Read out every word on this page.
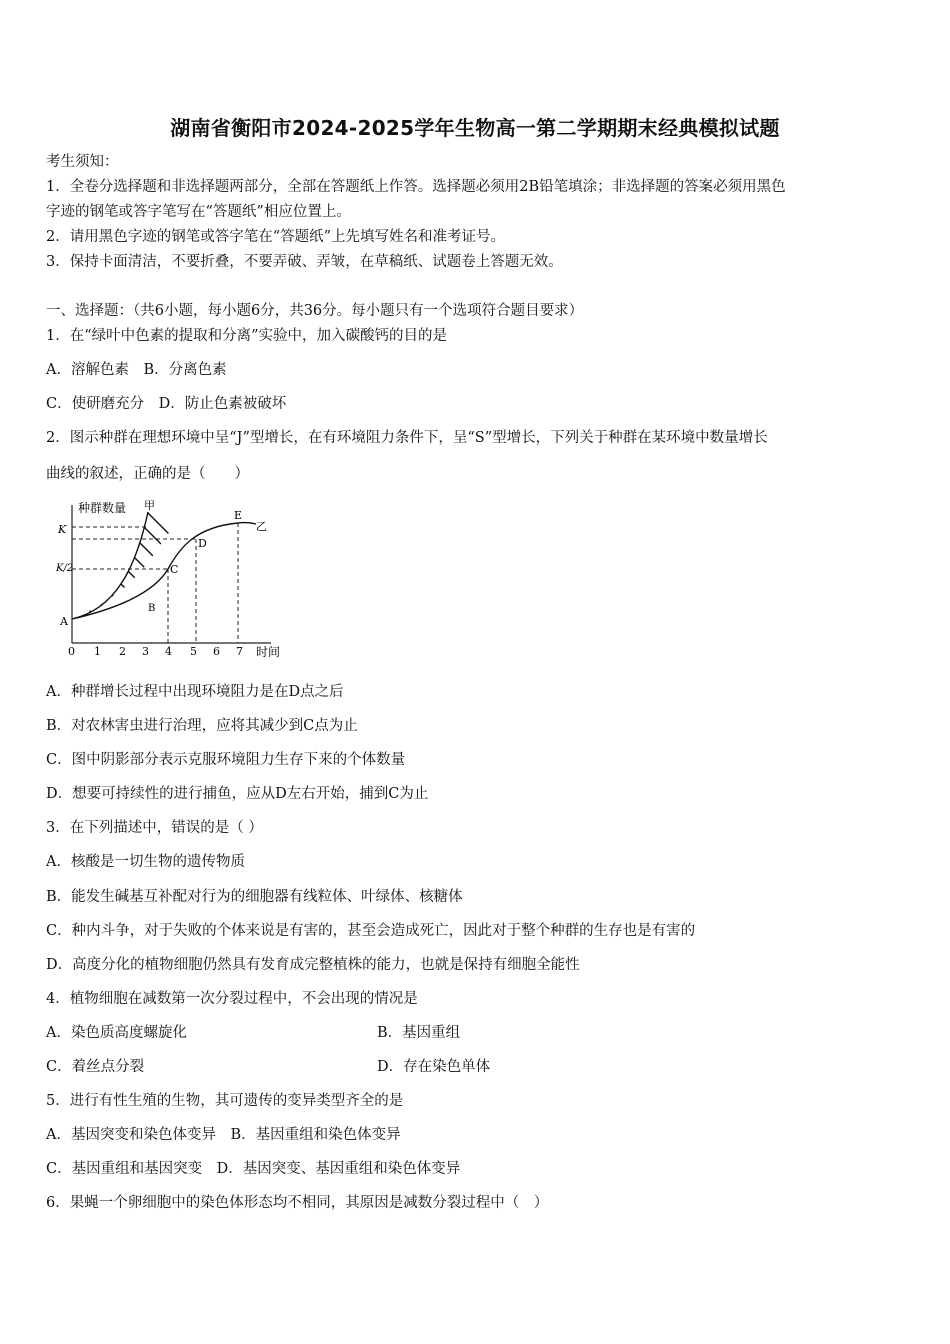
湖南省衡阳市2024-2025学年生物高一第二学期期末经典模拟试题
考生须知：
1．全卷分选择题和非选择题两部分，全部在答题纸上作答。选择题必须用2B铅笔填涂；非选择题的答案必须用黑色
字迹的钢笔或答字笔写在“答题纸”相应位置上。
2．请用黑色字迹的钢笔或答字笔在“答题纸”上先填写姓名和准考证号。
3．保持卡面清洁，不要折叠，不要弄破、弄皱，在草稿纸、试题卷上答题无效。
一、选择题：（共6小题，每小题6分，共36分。每小题只有一个选项符合题目要求）
1．在“绿叶中色素的提取和分离”实验中，加入碳酸钙的目的是
A．溶解色素　B．分离色素
C．使研磨充分　D．防止色素被破坏
2．图示种群在理想环境中呈“J”型增长，在有环境阻力条件下，呈“S”型增长，下列关于种群在某环境中数量增长
曲线的叙述，正确的是（　　）
种群数量
时间
K
K/2
A
0 1 2 3 4 5 6 7
甲
E
乙
D
C
B
A．种群增长过程中出现环境阻力是在D点之后
B．对农林害虫进行治理，应将其减少到C点为止
C．图中阴影部分表示克服环境阻力生存下来的个体数量
D．想要可持续性的进行捕鱼，应从D左右开始，捕到C为止
3．在下列描述中，错误的是（ ）
A．核酸是一切生物的遗传物质
B．能发生碱基互补配对行为的细胞器有线粒体、叶绿体、核糖体
C．种内斗争，对于失败的个体来说是有害的，甚至会造成死亡，因此对于整个种群的生存也是有害的
D．高度分化的植物细胞仍然具有发育成完整植株的能力，也就是保持有细胞全能性
4．植物细胞在减数第一次分裂过程中，不会出现的情况是
A．染色质高度螺旋化	B．基因重组
C．着丝点分裂	D．存在染色单体
5．进行有性生殖的生物，其可遗传的变异类型齐全的是
A．基因突变和染色体变异　B．基因重组和染色体变异
C．基因重组和基因突变　D．基因突变、基因重组和染色体变异
6．果蝇一个卵细胞中的染色体形态均不相同，其原因是减数分裂过程中（　）
